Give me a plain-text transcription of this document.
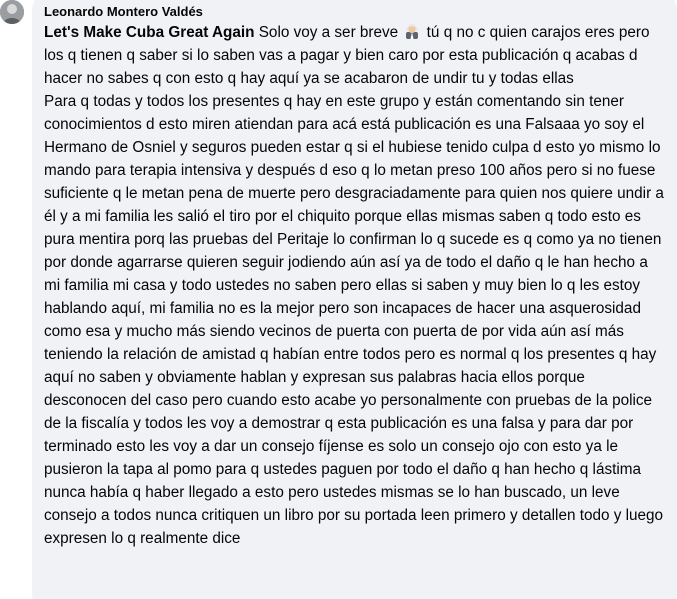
Leonardo Montero Valdés

Let's Make Cuba Great Again Solo voy a ser breve  tú q no c quien carajos eres pero los q tienen q saber si lo saben vas a pagar y bien caro por esta publicación q acabas d hacer no sabes q con esto q hay aquí ya se acabaron de undir tu y todas ellas

Para q todas y todos los presentes q hay en este grupo y están comentando sin tener conocimientos d esto miren atiendan para acá está publicación es una Falsaaa yo soy el Hermano de Osniel y seguros pueden estar q si el hubiese tenido culpa d esto yo mismo lo mando para terapia intensiva y después d eso q lo metan preso 100 años pero si no fuese suficiente q le metan pena de muerte pero desgraciadamente para quien nos quiere undir a él y a mi familia les salió el tiro por el chiquito porque ellas mismas saben q todo esto es pura mentira porq las pruebas del Peritaje lo confirman lo q sucede es q como ya no tienen por donde agarrarse quieren seguir jodiendo aún así ya de todo el daño q le han hecho a mi familia mi casa y todo ustedes no saben pero ellas si saben y muy bien lo q les estoy hablando aquí, mi familia no es la mejor pero son incapaces de hacer una asquerosidad como esa y mucho más siendo vecinos de puerta con puerta de por vida aún así más teniendo la relación de amistad q habían entre todos pero es normal q los presentes q hay aquí no saben y obviamente hablan y expresan sus palabras hacia ellos porque desconocen del caso pero cuando esto acabe yo personalmente con pruebas de la police de la fiscalía y todos les voy a demostrar q esta publicación es una falsa y para dar por terminado esto les voy a dar un consejo fíjense es solo un consejo ojo con esto ya le pusieron la tapa al pomo para q ustedes paguen por todo el daño q han hecho q lástima nunca había q haber llegado a esto pero ustedes mismas se lo han buscado, un leve consejo a todos nunca critiquen un libro por su portada leen primero y detallen todo y luego expresen lo q realmente dice
